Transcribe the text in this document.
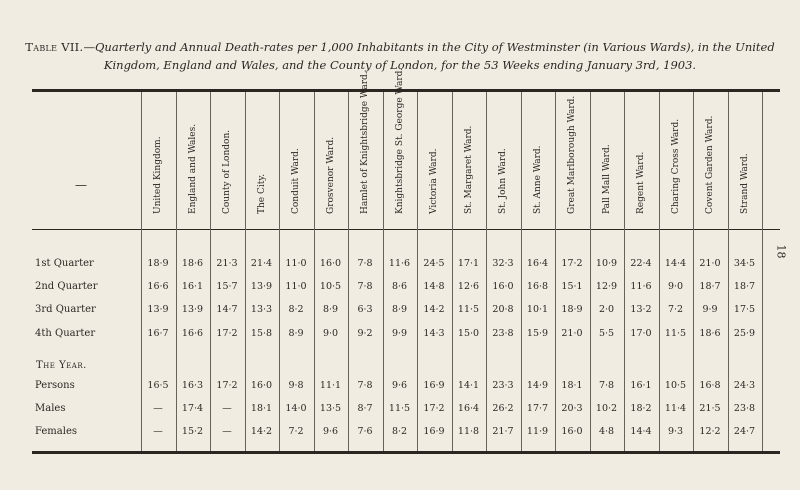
Table VII.—Quarterly and Annual Death-rates per 1,000 Inhabitants in the City of Westminster (in Various Wards), in the United Kingdom, England and Wales, and the County of London, for the 53 Weeks ending January 3rd, 1903.
18
—
The Year.
United Kingdom.	England and Wales.	County of London.	The City.	Conduit Ward.	Grosvenor Ward.	Hamlet of Knightsbridge Ward.	Knightsbridge St. George Ward.	Victoria Ward.	St. Margaret Ward.	St. John Ward.	St. Anne Ward.	Great Marlborough Ward.	Pall Mall Ward.	Regent Ward.	Charing Cross Ward.	Covent Garden Ward.	Strand Ward.
1st Quarter	18·9	18·6	21·3	21·4	11·0	16·0	7·8	11·6	24·5	17·1	32·3	16·4	17·2	10·9	22·4	14·4	21·0	34·5
2nd Quarter	16·6	16·1	15·7	13·9	11·0	10·5	7·8	8·6	14·8	12·6	16·0	16·8	15·1	12·9	11·6	9·0	18·7	18·7
3rd Quarter	13·9	13·9	14·7	13·3	8·2	8·9	6·3	8·9	14·2	11·5	20·8	10·1	18·9	2·0	13·2	7·2	9·9	17·5
4th Quarter	16·7	16·6	17·2	15·8	8·9	9·0	9·2	9·9	14·3	15·0	23·8	15·9	21·0	5·5	17·0	11·5	18·6	25·9
Persons	16·5	16·3	17·2	16·0	9·8	11·1	7·8	9·6	16·9	14·1	23·3	14·9	18·1	7·8	16·1	10·5	16·8	24·3
Males	—	17·4	—	18·1	14·0	13·5	8·7	11·5	17·2	16·4	26·2	17·7	20·3	10·2	18·2	11·4	21·5	23·8
Females	—	15·2	—	14·2	7·2	9·6	7·6	8·2	16·9	11·8	21·7	11·9	16·0	4·8	14·4	9·3	12·2	24·7
